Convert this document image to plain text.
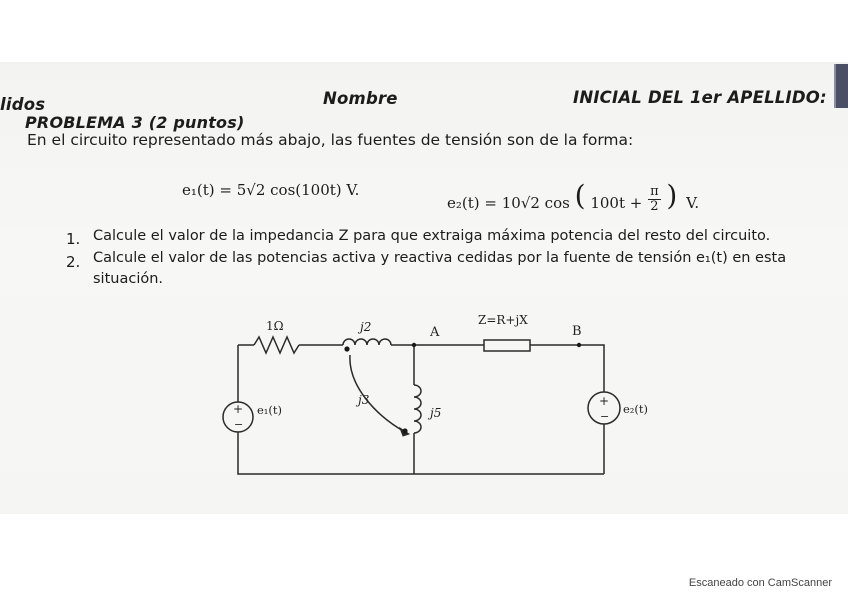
lidos	Nombre	INICIAL DEL 1er APELLIDO:
PROBLEMA 3 (2 puntos)
En el circuito representado más abajo, las fuentes de tensión son de la forma:
e₁(t) = 5√2 cos(100t) V.
e₂(t) = 10√2 cos ( $100t + \frac{\pi}{2}$ ) V.
1. Calcule el valor de la impedancia Z para que extraiga máxima potencia del resto del circuito.
2. Calcule el valor de las potencias activa y reactiva cedidas por la fuente de tensión e₁(t) en esta
situación.
1Ω	j2	A
Z=R+jX
B
j3
j5
e₁(t)	e₂(t)
+
−
+
−
Escaneado con CamScanner
